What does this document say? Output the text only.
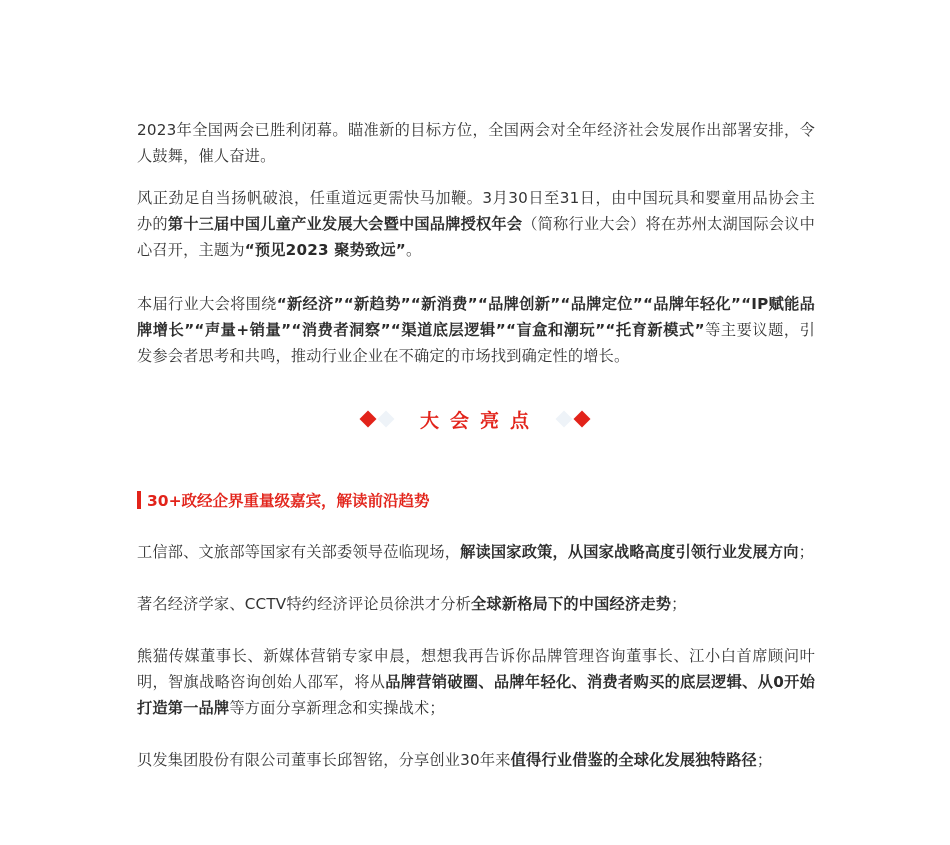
2023年全国两会已胜利闭幕。瞄准新的目标方位，全国两会对全年经济社会发展作出部署安排，令人鼓舞，催人奋进。

风正劲足自当扬帆破浪，任重道远更需快马加鞭。3月30日至31日，由中国玩具和婴童用品协会主办的第十三届中国儿童产业发展大会暨中国品牌授权年会（简称行业大会）将在苏州太湖国际会议中心召开，主题为“预见2023 聚势致远”。

本届行业大会将围绕“新经济”“新趋势”“新消费”“品牌创新”“品牌定位”“品牌年轻化”“IP赋能品牌增长”“声量+销量”“消费者洞察”“渠道底层逻辑”“盲盒和潮玩”“托育新模式”等主要议题，引发参会者思考和共鸣，推动行业企业在不确定的市场找到确定性的增长。

大会亮点
30+政经企界重量级嘉宾，解读前沿趋势

工信部、文旅部等国家有关部委领导莅临现场，解读国家政策，从国家战略高度引领行业发展方向；

著名经济学家、CCTV特约经济评论员徐洪才分析全球新格局下的中国经济走势；

熊猫传媒董事长、新媒体营销专家申晨，想想我再告诉你品牌管理咨询董事长、江小白首席顾问叶明，智旗战略咨询创始人邵军，将从品牌营销破圈、品牌年轻化、消费者购买的底层逻辑、从0开始打造第一品牌等方面分享新理念和实操战术；

贝发集团股份有限公司董事长邱智铭，分享创业30年来值得行业借鉴的全球化发展独特路径；
